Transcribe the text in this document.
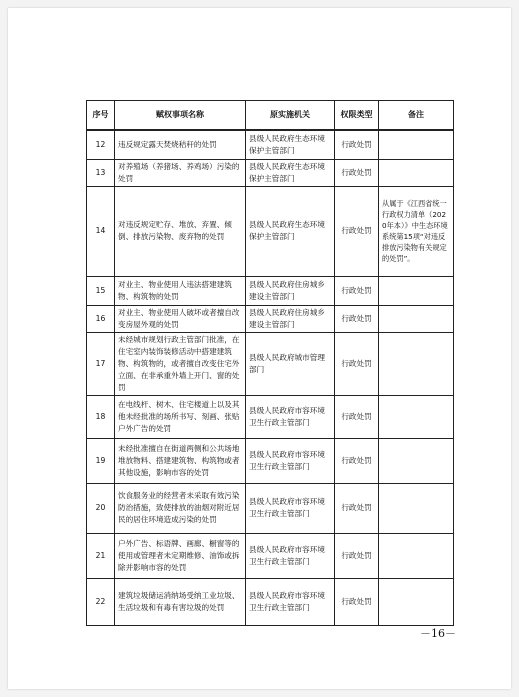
序号	赋权事项名称	原实施机关	权限类型	备注
12	违反规定露天焚烧秸秆的处罚	县级人民政府生态环境保护主管部门	行政处罚	
13	对养殖场（养猪场、养鸡场）污染的处罚	县级人民政府生态环境保护主管部门	行政处罚	
14	对违反规定贮存、堆放、弃置、倾倒、排放污染物、废弃物的处罚	县级人民政府生态环境保护主管部门	行政处罚	从属于《江西省统一行政权力清单（2020年本）》中生态环境系统第15项“对违反排放污染物有关规定的处罚”。
15	对业主、物业使用人违法搭建建筑物、构筑物的处罚	县级人民政府住房城乡建设主管部门	行政处罚	
16	对业主、物业使用人破坏或者擅自改变房屋外观的处罚	县级人民政府住房城乡建设主管部门	行政处罚	
17	未经城市规划行政主管部门批准，在住宅室内装饰装修活动中搭建建筑物、构筑物的，或者擅自改变住宅外立面、在非承重外墙上开门、窗的处罚	县级人民政府城市管理部门	行政处罚	
18	在电线杆、树木、住宅楼道上以及其他未经批准的场所书写、刻画、张贴户外广告的处罚	县级人民政府市容环境卫生行政主管部门	行政处罚	
19	未经批准擅自在街道两侧和公共场地堆放物料、搭建建筑物、构筑物或者其他设施，影响市容的处罚	县级人民政府市容环境卫生行政主管部门	行政处罚	
20	饮食服务业的经营者未采取有效污染防治措施，致使排放的油烟对附近居民的居住环境造成污染的处罚	县级人民政府市容环境卫生行政主管部门	行政处罚	
21	户外广告、标语牌、画廊、橱窗等的使用或管理者未定期维修、油饰或拆除并影响市容的处罚	县级人民政府市容环境卫生行政主管部门	行政处罚	
22	建筑垃圾储运消纳场受纳工业垃圾、生活垃圾和有毒有害垃圾的处罚	县级人民政府市容环境卫生行政主管部门	行政处罚	
－16－
